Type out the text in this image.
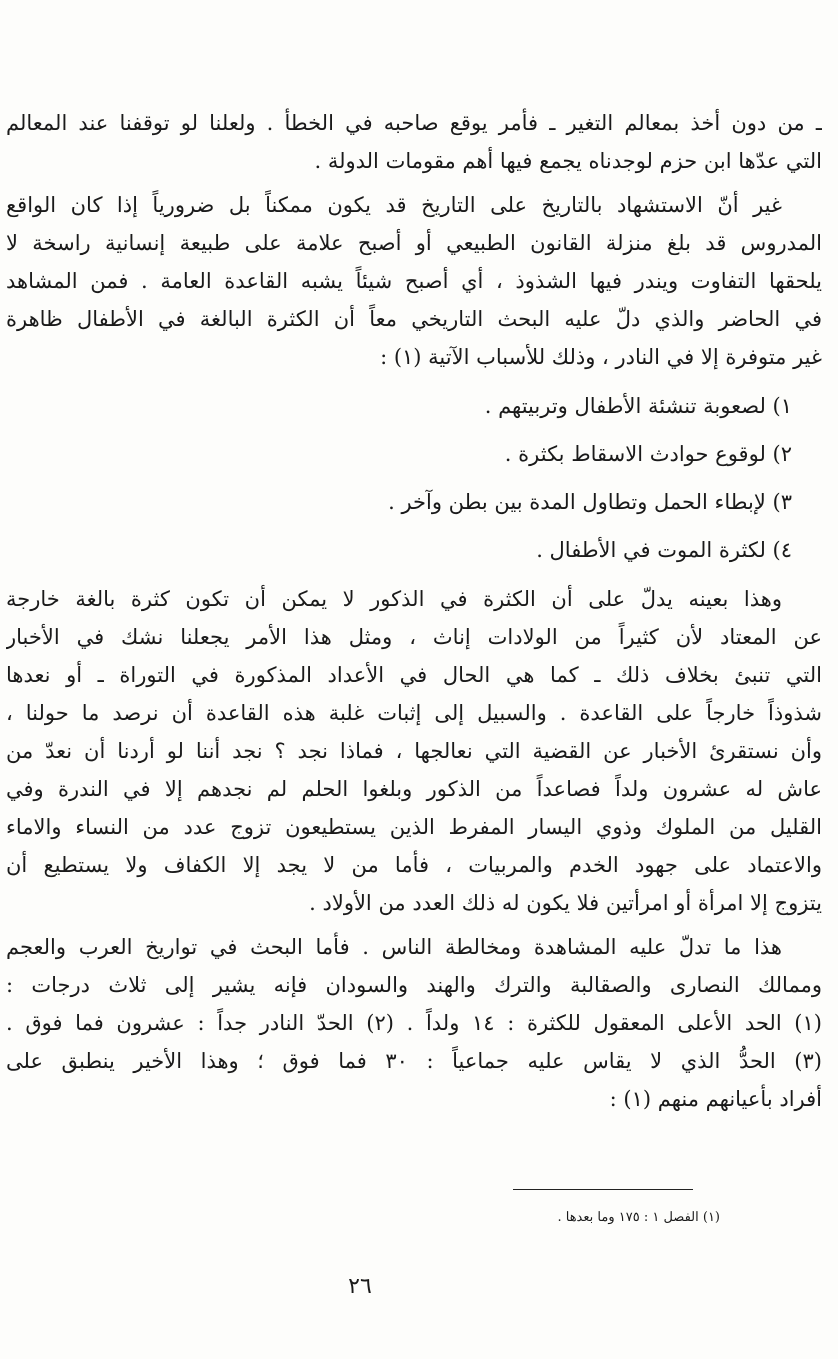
ـ من دون أخذ بمعالم التغير ـ فأمر يوقع صاحبه في الخطأ . ولعلنا لو توقفنا عند المعالم
التي عدّها ابن حزم لوجدناه يجمع فيها أهم مقومات الدولة .
غير أنّ الاستشهاد بالتاريخ على التاريخ قد يكون ممكناً بل ضرورياً إذا كان الواقع
المدروس قد بلغ منزلة القانون الطبيعي أو أصبح علامة على طبيعة إنسانية راسخة لا
يلحقها التفاوت ويندر فيها الشذوذ ، أي أصبح شيئاً يشبه القاعدة العامة . فمن المشاهد
في الحاضر والذي دلّ عليه البحث التاريخي معاً أن الكثرة البالغة في الأطفال ظاهرة
غير متوفرة إلا في النادر ، وذلك للأسباب الآتية (١) :
١) لصعوبة تنشئة الأطفال وتربيتهم .
٢) لوقوع حوادث الاسقاط بكثرة .
٣) لإبطاء الحمل وتطاول المدة بين بطن وآخر .
٤) لكثرة الموت في الأطفال .
وهذا بعينه يدلّ على أن الكثرة في الذكور لا يمكن أن تكون كثرة بالغة خارجة
عن المعتاد لأن كثيراً من الولادات إناث ، ومثل هذا الأمر يجعلنا نشك في الأخبار
التي تنبئ بخلاف ذلك ـ كما هي الحال في الأعداد المذكورة في التوراة ـ أو نعدها
شذوذاً خارجاً على القاعدة . والسبيل إلى إثبات غلبة هذه القاعدة أن نرصد ما حولنا ،
وأن نستقرئ الأخبار عن القضية التي نعالجها ، فماذا نجد ؟ نجد أننا لو أردنا أن نعدّ من
عاش له عشرون ولداً فصاعداً من الذكور وبلغوا الحلم لم نجدهم إلا في الندرة وفي
القليل من الملوك وذوي اليسار المفرط الذين يستطيعون تزوج عدد من النساء والاماء
والاعتماد على جهود الخدم والمربيات ، فأما من لا يجد إلا الكفاف ولا يستطيع أن
يتزوج إلا امرأة أو امرأتين فلا يكون له ذلك العدد من الأولاد .
هذا ما تدلّ عليه المشاهدة ومخالطة الناس . فأما البحث في تواريخ العرب والعجم
وممالك النصارى والصقالبة والترك والهند والسودان فإنه يشير إلى ثلاث درجات :
(١) الحد الأعلى المعقول للكثرة : ١٤ ولداً . (٢) الحدّ النادر جداً : عشرون فما فوق .
(٣) الحدُّ الذي لا يقاس عليه جماعياً : ٣٠ فما فوق ؛ وهذا الأخير ينطبق على
أفراد بأعيانهم منهم (١) :
(١) الفصل ١ : ١٧٥ وما بعدها .
٢٦
